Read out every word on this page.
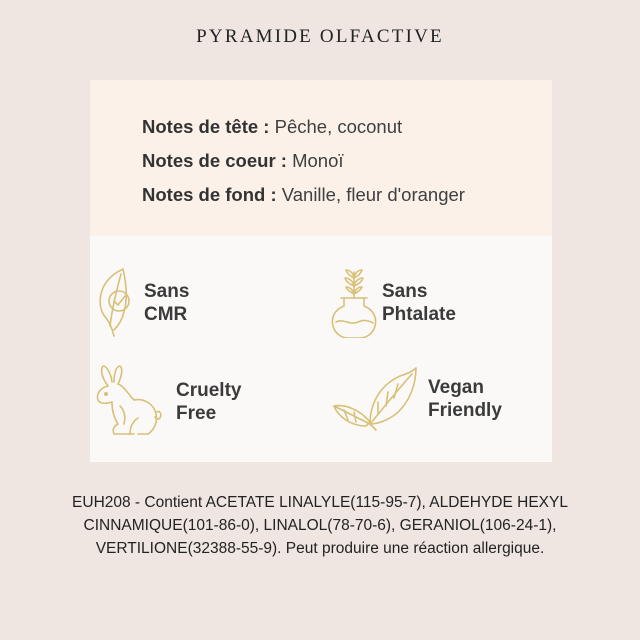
PYRAMIDE OLFACTIVE
Notes de tête : Pêche, coconut
Notes de coeur : Monoï
Notes de fond : Vanille, fleur d'oranger
Sans
CMR
Sans
Phtalate
Cruelty
Free
Vegan
Friendly
EUH208 - Contient ACETATE LINALYLE(115-95-7), ALDEHYDE HEXYL
CINNAMIQUE(101-86-0), LINALOL(78-70-6), GERANIOL(106-24-1),
VERTILIONE(32388-55-9). Peut produire une réaction allergique.
